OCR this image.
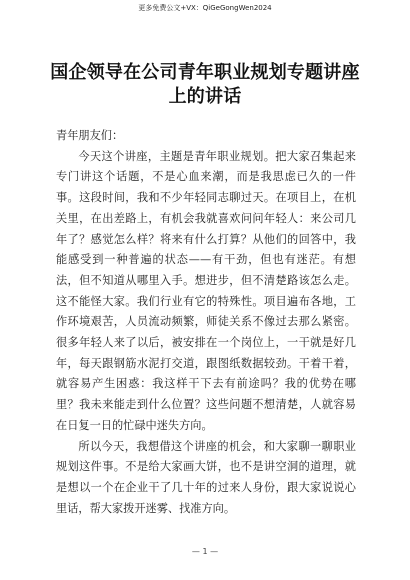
更多免费公文+VX：QiGeGongWen2024
国企领导在公司青年职业规划专题讲座上的讲话

青年朋友们：

今天这个讲座，主题是青年职业规划。把大家召集起来专门讲这个话题，不是心血来潮，而是我思虑已久的一件事。这段时间，我和不少年轻同志聊过天。在项目上，在机关里，在出差路上，有机会我就喜欢问问年轻人：来公司几年了？感觉怎么样？将来有什么打算？从他们的回答中，我能感受到一种普遍的状态——有干劲，但也有迷茫。有想法，但不知道从哪里入手。想进步，但不清楚路该怎么走。这不能怪大家。我们行业有它的特殊性。项目遍布各地，工作环境艰苦，人员流动频繁，师徒关系不像过去那么紧密。很多年轻人来了以后，被安排在一个岗位上，一干就是好几年，每天跟钢筋水泥打交道，跟图纸数据较劲。干着干着，就容易产生困惑：我这样干下去有前途吗？我的优势在哪里？我未来能走到什么位置？这些问题不想清楚，人就容易在日复一日的忙碌中迷失方向。

所以今天，我想借这个讲座的机会，和大家聊一聊职业规划这件事。不是给大家画大饼，也不是讲空洞的道理，就是想以一个在企业干了几十年的过来人身份，跟大家说说心里话，帮大家拨开迷雾、找准方向。

— 1 —
